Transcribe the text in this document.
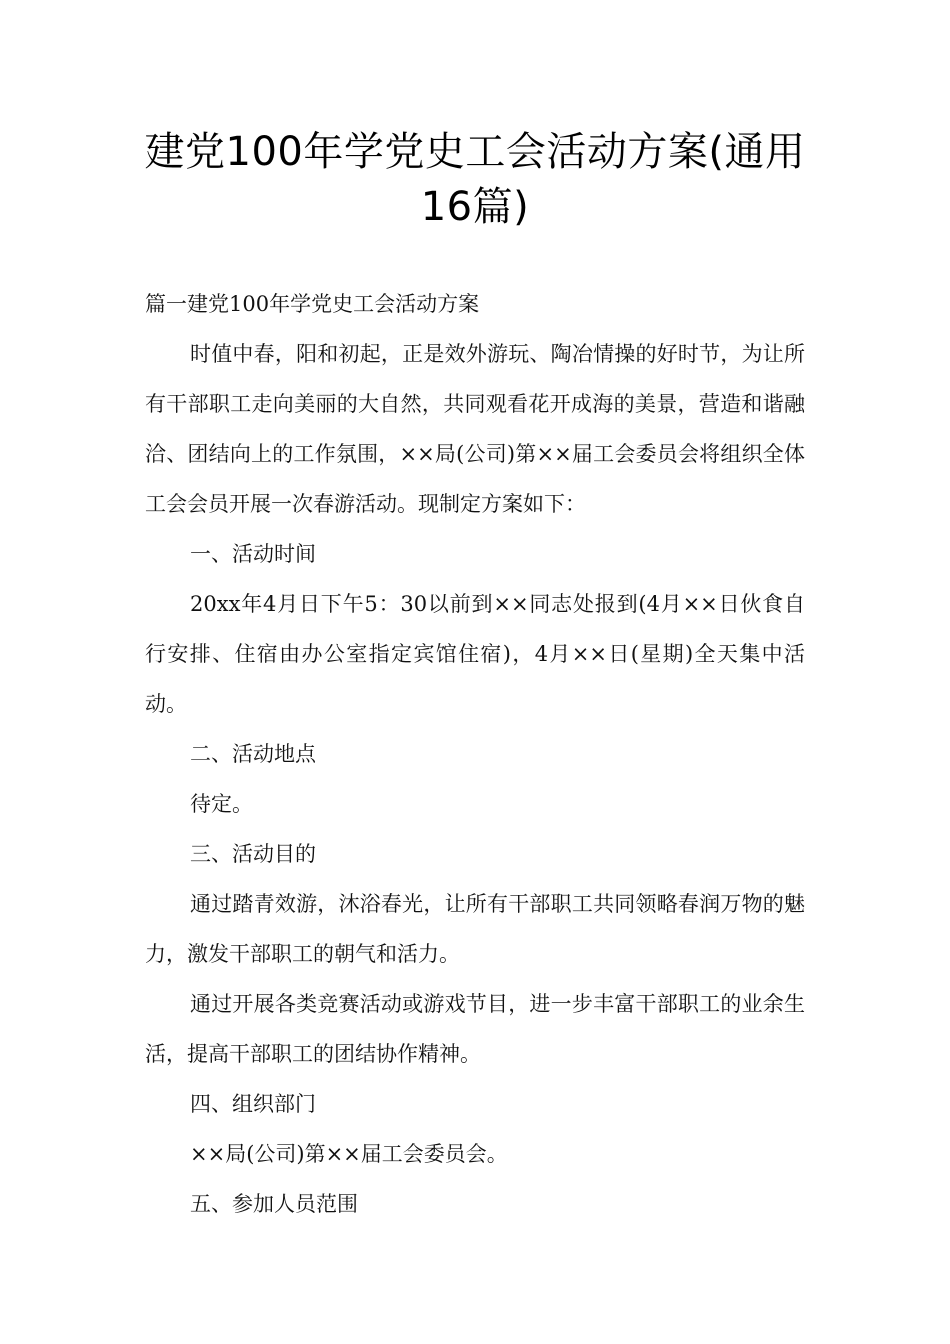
建党100年学党史工会活动方案(通用16篇)

篇一建党100年学党史工会活动方案

时值中春，阳和初起，正是效外游玩、陶冶情操的好时节，为让所有干部职工走向美丽的大自然，共同观看花开成海的美景，营造和谐融洽、团结向上的工作氛围，××局(公司)第××届工会委员会将组织全体工会会员开展一次春游活动。现制定方案如下：

一、活动时间

20xx年4月日下午5：30以前到××同志处报到(4月××日伙食自行安排、住宿由办公室指定宾馆住宿)，4月××日(星期)全天集中活动。

二、活动地点

待定。

三、活动目的

通过踏青效游，沐浴春光，让所有干部职工共同领略春润万物的魅力，激发干部职工的朝气和活力。

通过开展各类竞赛活动或游戏节目，进一步丰富干部职工的业余生活，提高干部职工的团结协作精神。

四、组织部门

××局(公司)第××届工会委员会。

五、参加人员范围
